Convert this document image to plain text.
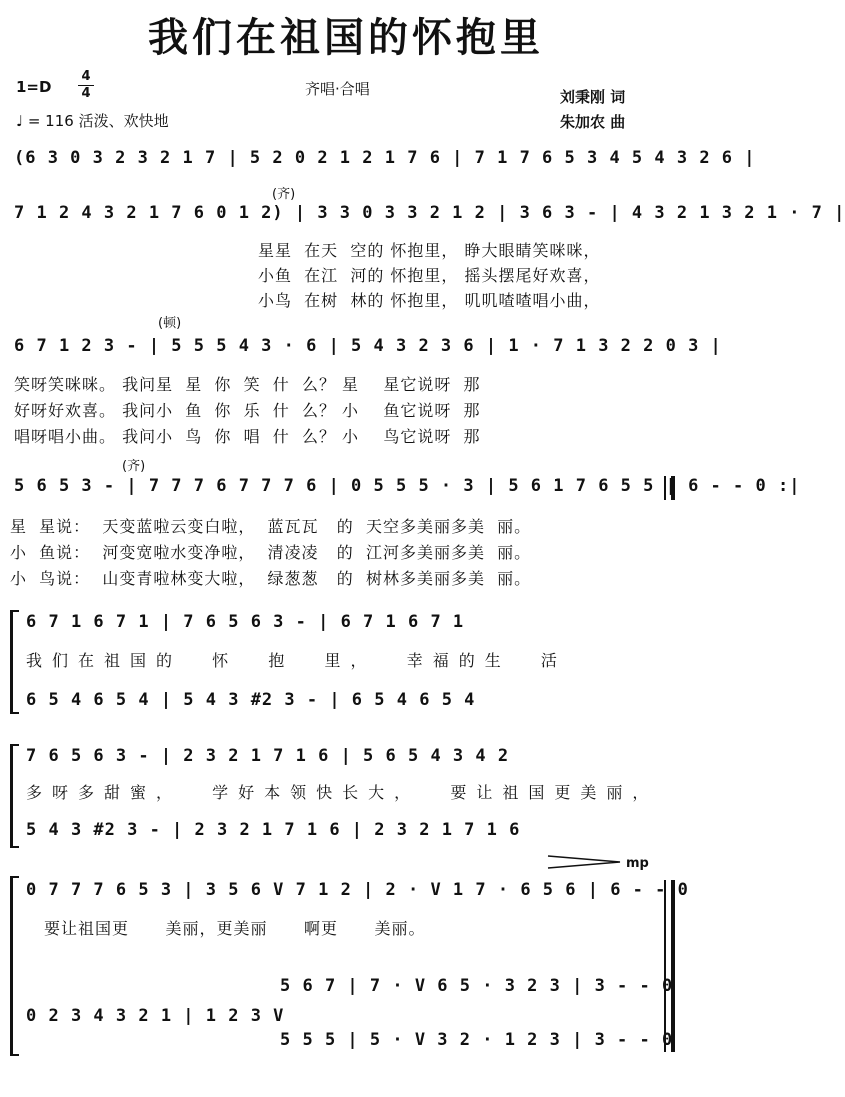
我们在祖国的怀抱里
1=D
4
4
♩ = 116 活泼、欢快地
齐唱·合唱	刘秉刚 词
朱加农 曲
(6 3 0 3 2 3 2 1 7 | 5 2 0 2 1 2 1 7 6 | 7 1 7 6 5 3 4 5 4 3 2 6 |
(齐)
7 1 2 4 3 2 1 7 6 0 1 2) | 3 3 0 3 3 2 1 2 | 3 6 3 - | 4 3 2 1 3 2 1 · 7 |
星星  在天  空的 怀抱里， 睁大眼睛笑咪咪，
小鱼  在江  河的 怀抱里， 摇头摆尾好欢喜，
小鸟  在树  林的 怀抱里， 叽叽喳喳唱小曲，
(顿)
6 7 1 2 3 - | 5 5 5 4 3 · 6 | 5 4 3 2 3 6 | 1 · 7 1 3 2 2 0 3 |
笑呀笑咪咪。 我问星  星  你  笑  什  么？ 星    星它说呀  那
好呀好欢喜。 我问小  鱼  你  乐  什  么？ 小    鱼它说呀  那
唱呀唱小曲。 我问小  鸟  你  唱  什  么？ 小    鸟它说呀  那
(齐)
5 6 5 3 - | 7 7 7 6 7 7 7 6 | 0 5 5 5 · 3 | 5 6 1 7 6 5 5 | 6 - - 0 :|
星  星说：  天变蓝啦云变白啦，  蓝瓦瓦   的  天空多美丽多美  丽。
小  鱼说：  河变宽啦水变净啦，  清凌凌   的  江河多美丽多美  丽。
小  鸟说：  山变青啦林变大啦，  绿葱葱   的  树林多美丽多美  丽。
6 7 1 6 7 1 | 7 6 5 6 3 - | 6 7 1 6 7 1
我们在祖国的  怀  抱  里，  幸福的生  活
6 5 4 6 5 4 | 5 4 3 #2 3 - | 6 5 4 6 5 4
7 6 5 6 3 - | 2 3 2 1 7 1 6 | 5 6 5 4 3 4 2
多呀多甜蜜，  学好本领快长大，  要让祖国更美丽，
5 4 3 #2 3 - | 2 3 2 1 7 1 6 | 2 3 2 1 7 1 6
mp
0 7 7 7 6 5 3 | 3 5 6 V 7 1 2 | 2 · V 1 7 · 6 5 6 | 6 - - 0
要让祖国更      美丽，更美丽      啊更      美丽。
5 6 7 | 7 · V 6 5 · 3 2 3 | 3 - - 0
0 2 3 4 3 2 1 | 1 2 3 V
5 5 5 | 5 · V 3 2 · 1 2 3 | 3 - - 0
